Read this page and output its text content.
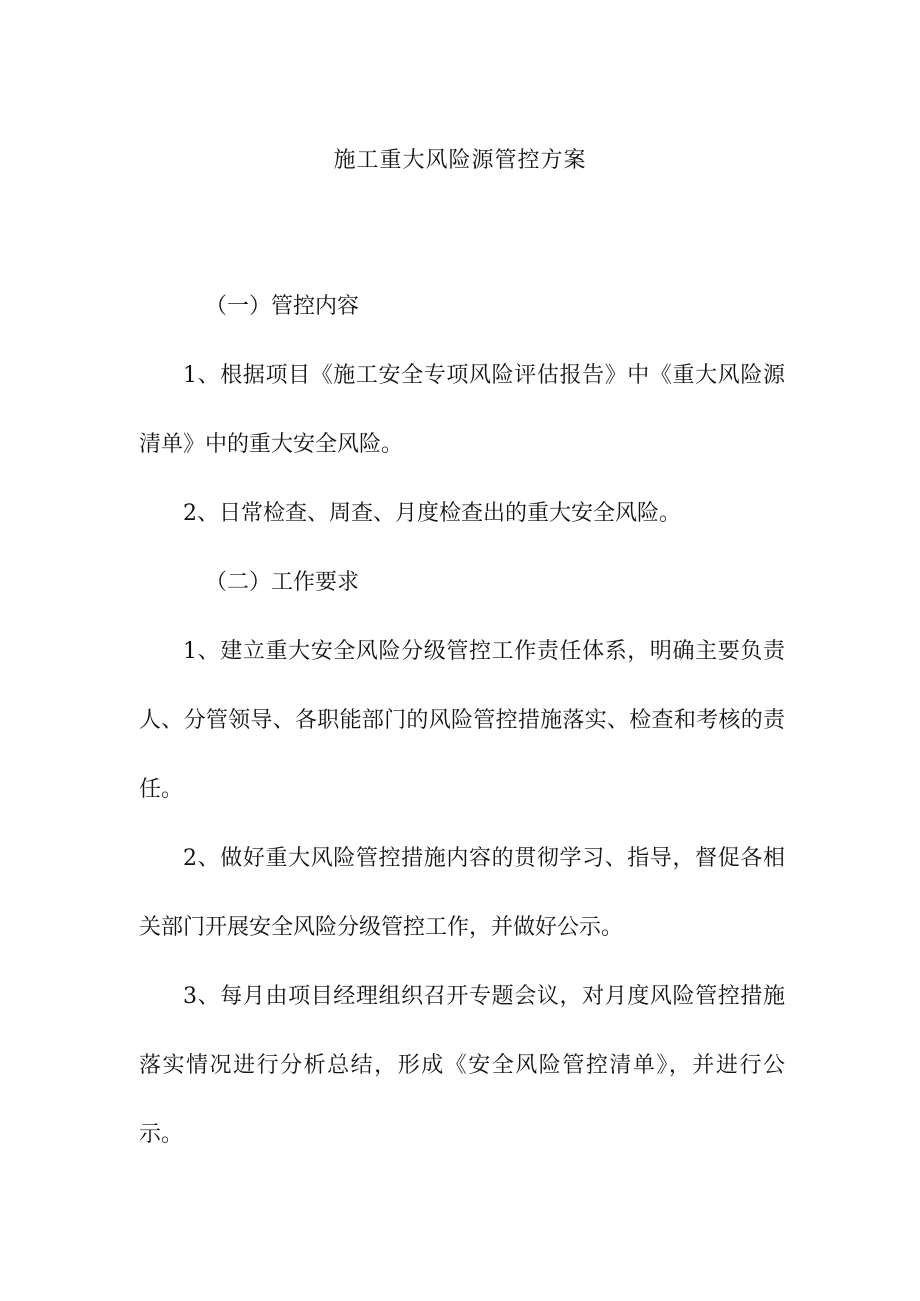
施工重大风险源管控方案

（一）管控内容

1、根据项目《施工安全专项风险评估报告》中《重大风险源清单》中的重大安全风险。

2、日常检查、周查、月度检查出的重大安全风险。

（二）工作要求

1、建立重大安全风险分级管控工作责任体系，明确主要负责人、分管领导、各职能部门的风险管控措施落实、检查和考核的责任。

2、做好重大风险管控措施内容的贯彻学习、指导，督促各相关部门开展安全风险分级管控工作，并做好公示。

3、每月由项目经理组织召开专题会议，对月度风险管控措施落实情况进行分析总结，形成《安全风险管控清单》，并进行公示。
